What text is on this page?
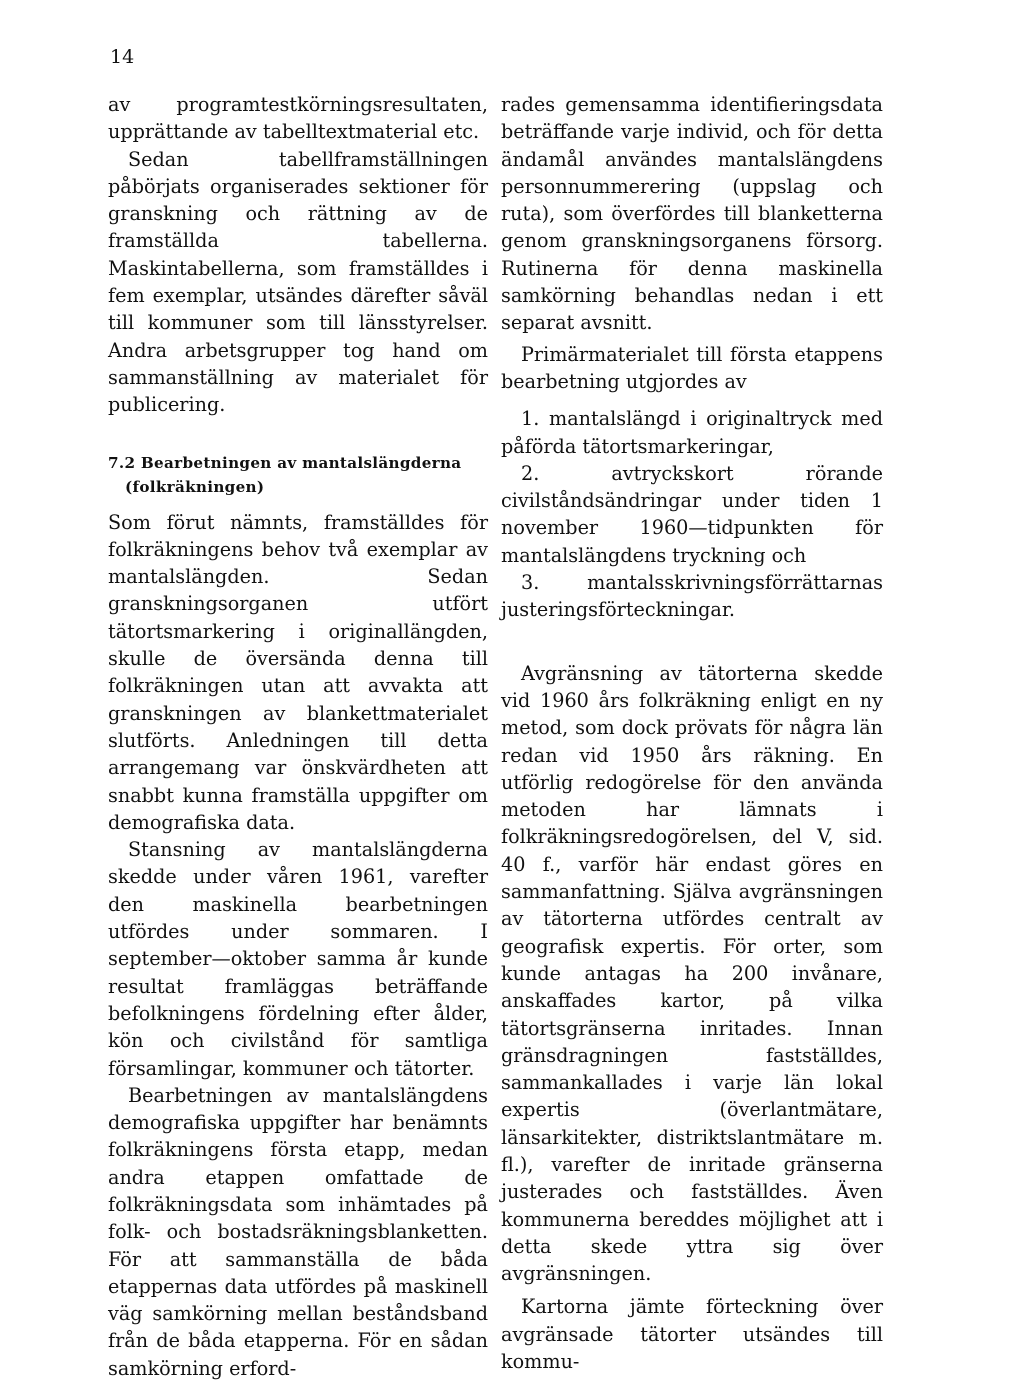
14

av programtestkörningsresultaten, upprättande av tabelltextmaterial etc.

Sedan tabellframställningen påbörjats organiserades sektioner för granskning och rättning av de framställda tabellerna. Maskintabellerna, som framställdes i fem exemplar, utsändes därefter såväl till kommuner som till länsstyrelser. Andra arbetsgrupper tog hand om sammanställning av materialet för publicering.

7.2 Bearbetningen av mantalslängderna
(folkräkningen)

Som förut nämnts, framställdes för folkräkningens behov två exemplar av mantalslängden. Sedan granskningsorganen utfört tätortsmarkering i originallängden, skulle de översända denna till folkräkningen utan att avvakta att granskningen av blankettmaterialet slutförts. Anledningen till detta arrangemang var önskvärdheten att snabbt kunna framställa uppgifter om demografiska data.

Stansning av mantalslängderna skedde under våren 1961, varefter den maskinella bearbetningen utfördes under sommaren. I september—oktober samma år kunde resultat framläggas beträffande befolkningens fördelning efter ålder, kön och civilstånd för samtliga församlingar, kommuner och tätorter.

Bearbetningen av mantalslängdens demografiska uppgifter har benämnts folkräkningens första etapp, medan andra etappen omfattade de folkräkningsdata som inhämtades på folk- och bostadsräkningsblanketten. För att sammanställa de båda etappernas data utfördes på maskinell väg samkörning mellan beståndsband från de båda etapperna. För en sådan samkörning erford-

rades gemensamma identifieringsdata beträffande varje individ, och för detta ändamål användes mantalslängdens personnummerering (uppslag och ruta), som överfördes till blanketterna genom granskningsorganens försorg. Rutinerna för denna maskinella samkörning behandlas nedan i ett separat avsnitt.

Primärmaterialet till första etappens bearbetning utgjordes av

1. mantalslängd i originaltryck med påförda tätortsmarkeringar,
2. avtryckskort rörande civilståndsändringar under tiden 1 november 1960—tidpunkten för mantalslängdens tryckning och
3. mantalsskrivningsförrättarnas justeringsförteckningar.

Avgränsning av tätorterna skedde vid 1960 års folkräkning enligt en ny metod, som dock prövats för några län redan vid 1950 års räkning. En utförlig redogörelse för den använda metoden har lämnats i folkräkningsredogörelsen, del V, sid. 40 f., varför här endast göres en sammanfattning. Själva avgränsningen av tätorterna utfördes centralt av geografisk expertis. För orter, som kunde antagas ha 200 invånare, anskaffades kartor, på vilka tätortsgränserna inritades. Innan gränsdragningen fastställdes, sammankallades i varje län lokal expertis (överlantmätare, länsarkitekter, distriktslantmätare m. fl.), varefter de inritade gränserna justerades och fastställdes. Även kommunerna bereddes möjlighet att i detta skede yttra sig över avgränsningen.

Kartorna jämte förteckning över avgränsade tätorter utsändes till kommu-
